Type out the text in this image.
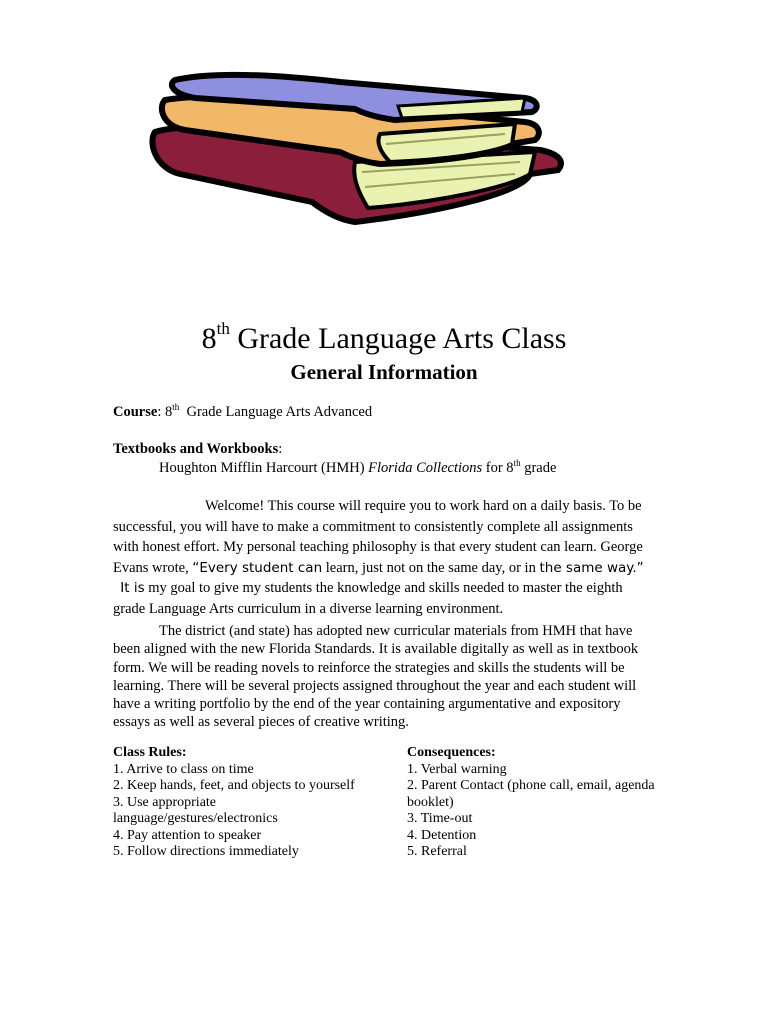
8th Grade Language Arts Class
General Information
Course: 8th  Grade Language Arts Advanced
Textbooks and Workbooks:
Houghton Mifflin Harcourt (HMH) Florida Collections for 8th grade
Welcome! This course will require you to work hard on a daily basis. To be successful, you will have to make a commitment to consistently complete all assignments with honest effort. My personal teaching philosophy is that every student can learn. George Evans wrote, “Every student can learn, just not on the same day, or in the same way.”  It is my goal to give my students the knowledge and skills needed to master the eighth grade Language Arts curriculum in a diverse learning environment.
The district (and state) has adopted new curricular materials from HMH that have been aligned with the new Florida Standards. It is available digitally as well as in textbook form. We will be reading novels to reinforce the strategies and skills the students will be learning. There will be several projects assigned throughout the year and each student will have a writing portfolio by the end of the year containing argumentative and expository essays as well as several pieces of creative writing.
Class Rules:
1. Arrive to class on time
2. Keep hands, feet, and objects to yourself
3. Use appropriate language/gestures/electronics
4. Pay attention to speaker
5. Follow directions immediately
Consequences:
1. Verbal warning
2. Parent Contact (phone call, email, agenda booklet)
3. Time-out
4. Detention
5. Referral
